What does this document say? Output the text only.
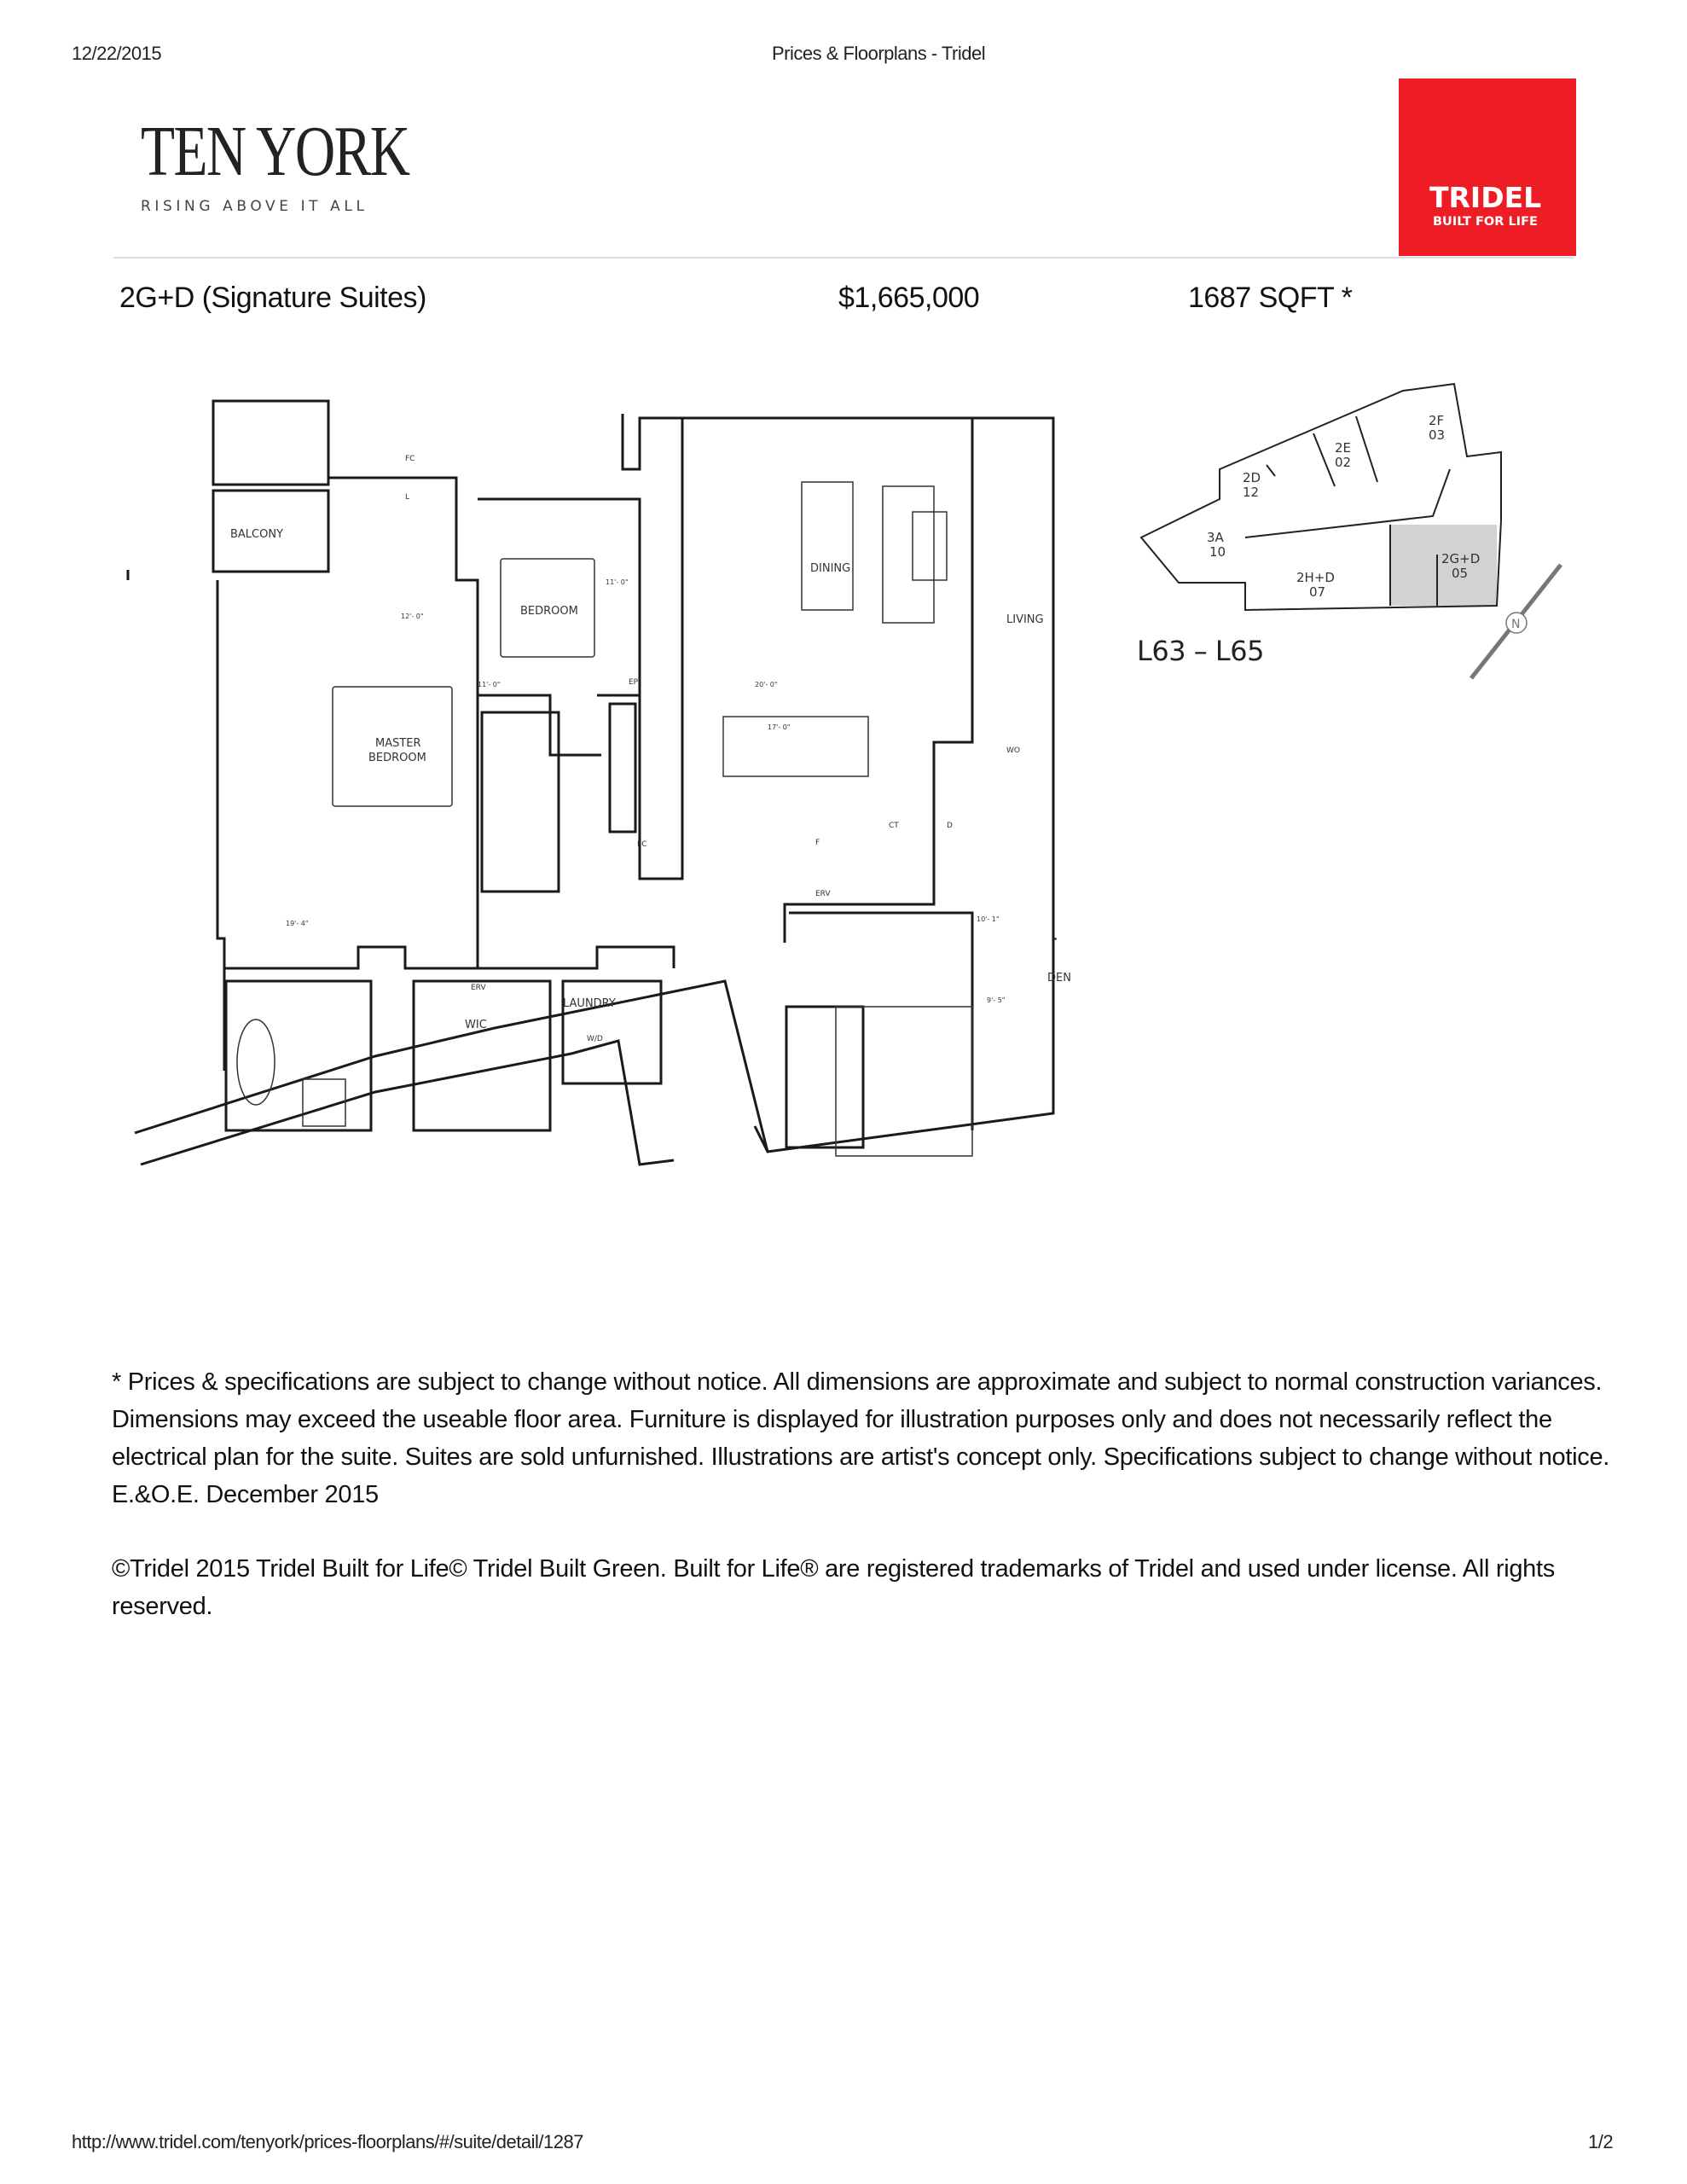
12/22/2015	Prices & Floorplans - Tridel
TEN YORK
RISING ABOVE IT ALL	TRIDEL
BUILT FOR LIFE
2G+D (Signature Suites)	$1,665,000	1687 SQFT *
BALCONY
BEDROOM
MASTER
BEDROOM
DINING
LIVING
DEN
WIC
LAUNDRY
FC
FC
L
EP
WO
F
CT	D
ERV
ERV
W/D
11'- 0"
11'- 0"
12'- 0"
19'- 4"
20'- 0"
17'- 0"
10'- 1"
9'- 5"
2D
12
2E
02
2F
03
3A
10
2H+D
07
2G+D
05
N
L63 – L65
* Prices & specifications are subject to change without notice. All dimensions are approximate and subject to normal construction variances. Dimensions may exceed the useable floor area. Furniture is displayed for illustration purposes only and does not necessarily reflect the electrical plan for the suite. Suites are sold unfurnished. Illustrations are artist's concept only. Specifications subject to change without notice. E.&O.E. December 2015
©Tridel 2015 Tridel Built for Life© Tridel Built Green. Built for Life® are registered trademarks of Tridel and used under license. All rights reserved.
http://www.tridel.com/tenyork/prices-floorplans/#/suite/detail/1287	1/2
